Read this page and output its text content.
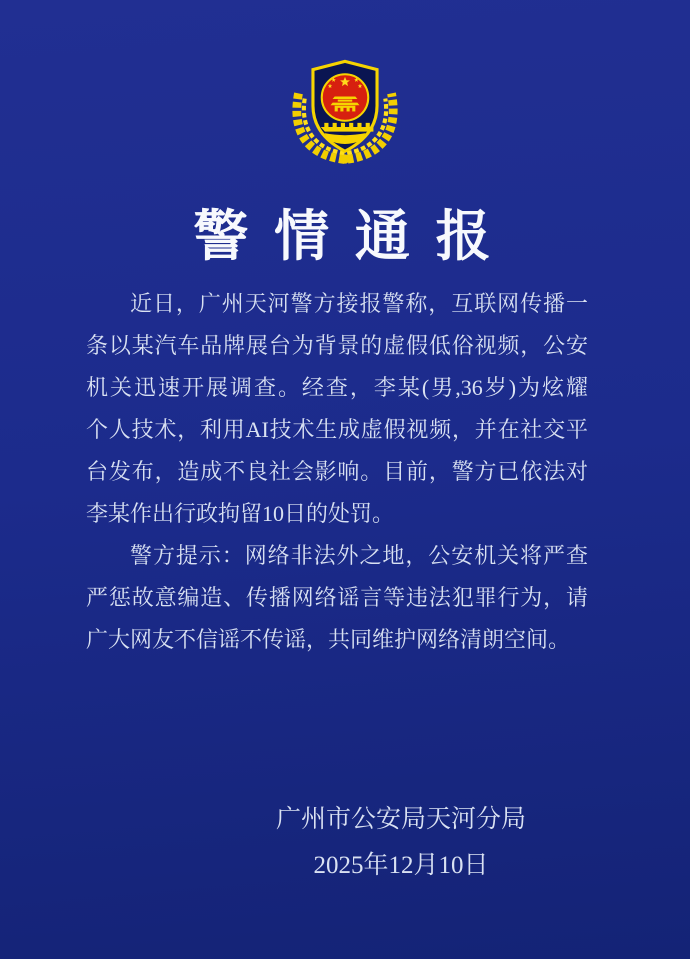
警 情 通 报

近日，广州天河警方接报警称，互联网传播一

条以某汽车品牌展台为背景的虚假低俗视频，公安

机关迅速开展调查。经查，李某(男,36岁)为炫耀

个人技术，利用AI技术生成虚假视频，并在社交平

台发布，造成不良社会影响。目前，警方已依法对

李某作出行政拘留10日的处罚。

警方提示：网络非法外之地，公安机关将严查

严惩故意编造、传播网络谣言等违法犯罪行为，请

广大网友不信谣不传谣，共同维护网络清朗空间。

广州市公安局天河分局

2025年12月10日
